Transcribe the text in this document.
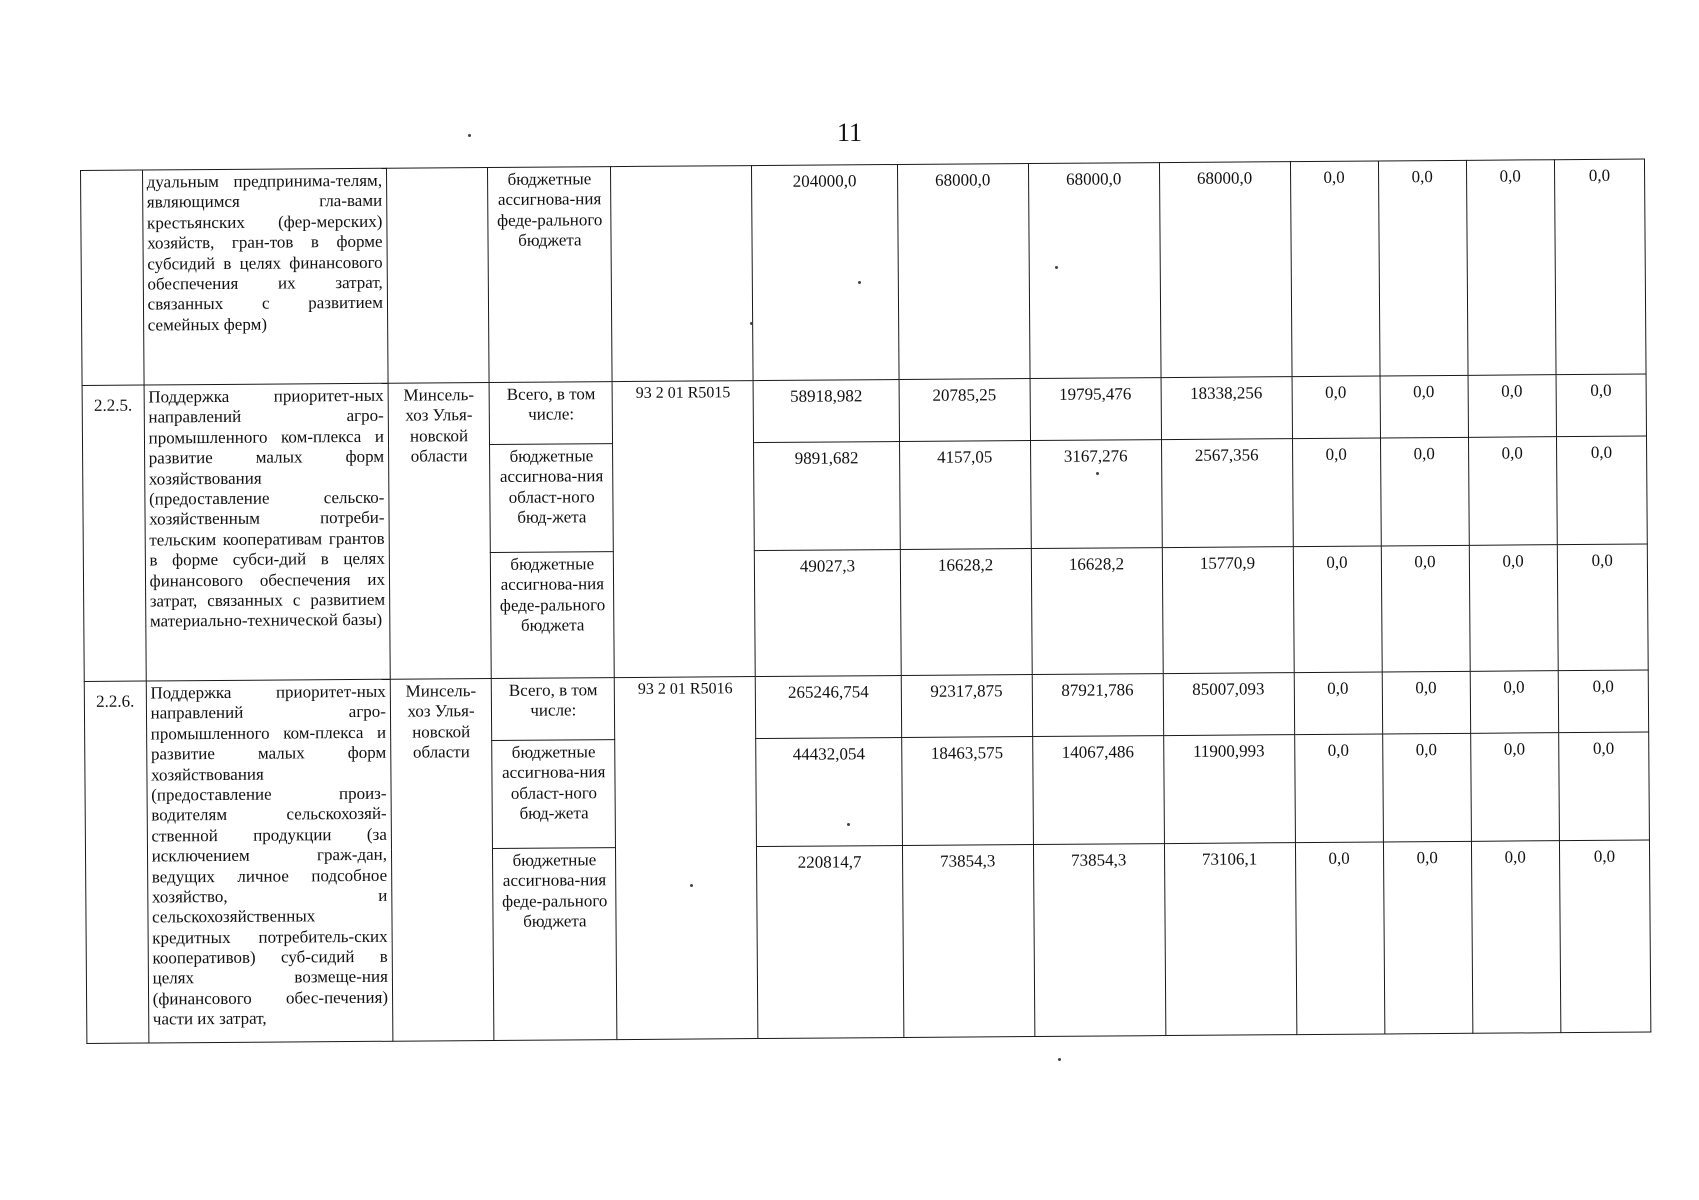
11
	дуальным предпринима-телям, являющимся гла-вами крестьянских (фер-мерских) хозяйств, гран-тов в форме субсидий в целях финансового обеспечения их затрат, связанных с развитием семейных ферм)		бюджетные ассигнова-ния феде-рального бюджета		204000,0	68000,0	68000,0	68000,0	0,0	0,0	0,0	0,0
2.2.5.	Поддержка приоритет-ных направлений агро-промышленного ком-плекса и развитие малых форм хозяйствования (предоставление сельско-хозяйственным потреби-тельским кооперативам грантов в форме субси-дий в целях финансового обеспечения их затрат, связанных с развитием материально-технической базы)	Минсель-хоз Улья-новской области	Всего, в том числе:	93 2 01 R5015	58918,982	20785,25	19795,476	18338,256	0,0	0,0	0,0	0,0
			бюджетные ассигнова-ния област-ного бюд-жета		9891,682	4157,05	3167,276	2567,356	0,0	0,0	0,0	0,0
			бюджетные ассигнова-ния феде-рального бюджета		49027,3	16628,2	16628,2	15770,9	0,0	0,0	0,0	0,0
2.2.6.	Поддержка приоритет-ных направлений агро-промышленного ком-плекса и развитие малых форм хозяйствования (предоставление произ-водителям сельскохозяй-ственной продукции (за исключением граж-дан, ведущих личное подсобное хозяйство, и сельскохозяйственных кредитных потребитель-ских кооперативов) суб-сидий в целях возмеще-ния (финансового обес-печения) части их затрат,	Минсель-хоз Улья-новской области	Всего, в том числе:	93 2 01 R5016	265246,754	92317,875	87921,786	85007,093	0,0	0,0	0,0	0,0
			бюджетные ассигнова-ния област-ного бюд-жета		44432,054	18463,575	14067,486	11900,993	0,0	0,0	0,0	0,0
			бюджетные ассигнова-ния феде-рального бюджета		220814,7	73854,3	73854,3	73106,1	0,0	0,0	0,0	0,0
